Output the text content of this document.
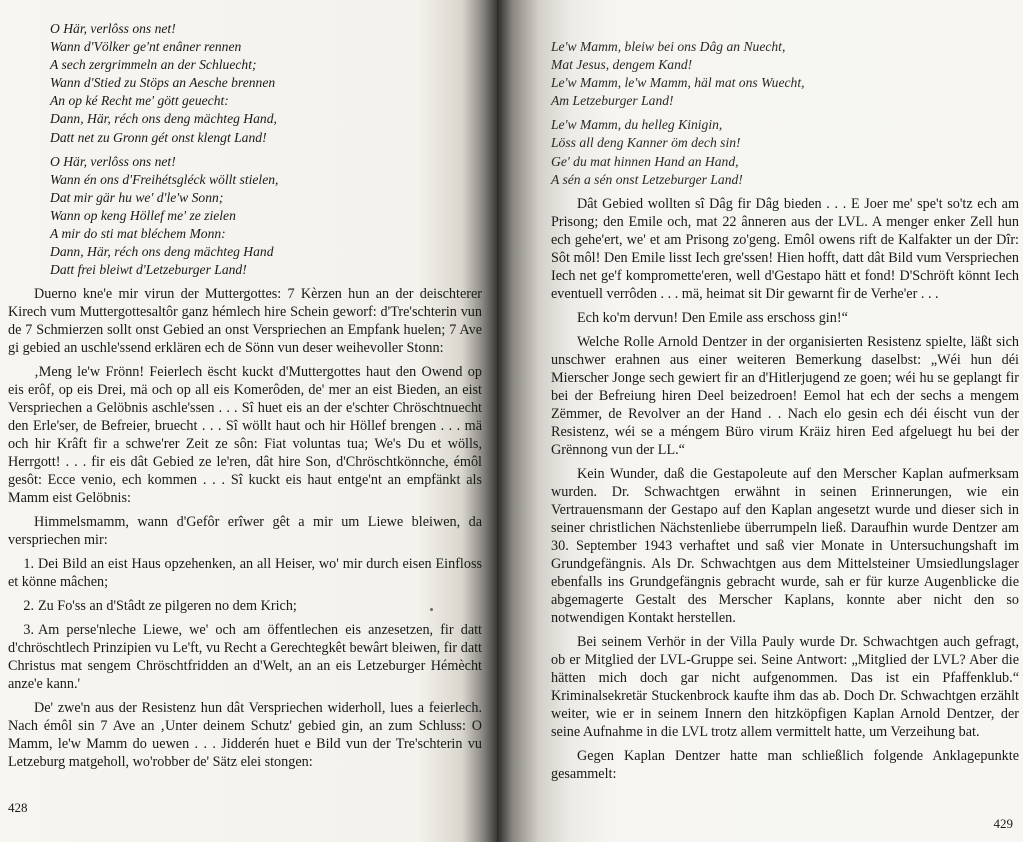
O Här, verlôss ons net!
Wann d'Völker ge'nt enâner rennen
A sech zergrimmeln an der Schluecht;
Wann d'Stied zu Stöps an Aesche brennen
An op ké Recht me' gött geuecht:
Dann, Här, réch ons deng mächteg Hand,
Datt net zu Gronn gét onst klengt Land!

O Här, verlôss ons net!
Wann én ons d'Freihétsgléck wöllt stielen,
Dat mir gär hu we' d'le'w Sonn;
Wann op keng Höllef me' ze zielen
A mir do sti mat bléchem Monn:
Dann, Här, réch ons deng mächteg Hand
Datt frei bleiwt d'Letzeburger Land!

Duerno kne'e mir virun der Muttergottes: 7 Kèrzen hun an der deischterer Kirech vum Muttergottesaltôr ganz hémlech hire Schein geworf: d'Tre'schterin vun de 7 Schmierzen sollt onst Gebied an onst Verspriechen an Empfank huelen; 7 Ave gi gebied an uschle'ssend erklären ech de Sönn vun deser weihevoller Stonn:

‚Meng le'w Frönn! Feierlech ëscht kuckt d'Muttergottes haut den Owend op eis erôf, op eis Drei, mä och op all eis Komerôden, de' mer an eist Bieden, an eist Verspriechen a Gelöbnis aschle'ssen . . . Sî huet eis an der e'schter Chröschtnuecht den Erle'ser, de Befreier, bruecht . . . Sî wöllt haut och hir Höllef brengen . . . mä och hir Krâft fir a schwe'rer Zeit ze sôn: Fiat voluntas tua; We's Du et wölls, Herrgott! . . . fir eis dât Gebied ze le'ren, dât hire Son, d'Chröschtkönnche, émôl gesôt: Ecce venio, ech kommen . . . Sî kuckt eis haut entge'nt an empfänkt als Mamm eist Gelöbnis:

Himmelsmamm, wann d'Gefôr erîwer gêt a mir um Liewe bleiwen, da verspriechen mir:

1. Dei Bild an eist Haus opzehenken, an all Heiser, wo' mir durch eisen Einfloss et könne mâchen;

2. Zu Fo'ss an d'Stâdt ze pilgeren no dem Krich;

3. Am perse'nleche Liewe, we' och am öffentlechen eis anzesetzen, fir datt d'chröschtlech Prinzipien vu Le'ft, vu Recht a Gerechtegkêt bewârt bleiwen, fir datt Christus mat sengem Chröschtfridden an d'Welt, an an eis Letzeburger Hémècht anze'e kann.'

De' zwe'n aus der Resistenz hun dât Verspriechen widerholl, lues a feierlech. Nach émôl sin 7 Ave an ‚Unter deinem Schutz' gebied gin, an zum Schluss: O Mamm, le'w Mamm do uewen . . . Jidderén huet e Bild vun der Tre'schterin vu Letzeburg matgeholl, wo'robber de' Sätz elei stongen:

428

Le'w Mamm, bleiw bei ons Dâg an Nuecht,
Mat Jesus, dengem Kand!
Le'w Mamm, le'w Mamm, häl mat ons Wuecht,
Am Letzeburger Land!

Le'w Mamm, du helleg Kinigin,
Löss all deng Kanner öm dech sin!
Ge' du mat hinnen Hand an Hand,
A sén a sén onst Letzeburger Land!

Dât Gebied wollten sî Dâg fir Dâg bieden . . . E Joer me' spe't so'tz ech am Prisong; den Emile och, mat 22 ânneren aus der LVL. A menger enker Zell hun ech gehe'ert, we' et am Prisong zo'geng. Emôl owens rift de Kalfakter un der Dîr: Sôt môl! Den Emile lisst Iech gre'ssen! Hien hofft, datt dât Bild vum Verspriechen Iech net ge'f kompromette'eren, well d'Gestapo hätt et fond! D'Schröft könnt Iech eventuell verrôden . . . mä, heimat sit Dir gewarnt fir de Verhe'er . . .

Ech ko'm dervun! Den Emile ass erschoss gin!“

Welche Rolle Arnold Dentzer in der organisierten Resistenz spielte, läßt sich unschwer erahnen aus einer weiteren Bemerkung daselbst: „Wéi hun déi Mierscher Jonge sech gewiert fir an d'Hitlerjugend ze goen; wéi hu se geplangt fir bei der Befreiung hiren Deel beizedroen! Eemol hat ech der sechs a mengem Zëmmer, de Revolver an der Hand . . Nach elo gesin ech déi éischt vun der Resistenz, wéi se a méngem Büro virum Kräiz hiren Eed afgeluegt hu bei der Grënnong vun der LL.“

Kein Wunder, daß die Gestapoleute auf den Merscher Kaplan aufmerksam wurden. Dr. Schwachtgen erwähnt in seinen Erinnerungen, wie ein Vertrauensmann der Gestapo auf den Kaplan angesetzt wurde und dieser sich in seiner christlichen Nächstenliebe überrumpeln ließ. Daraufhin wurde Dentzer am 30. September 1943 verhaftet und saß vier Monate in Untersuchungshaft im Grundgefängnis. Als Dr. Schwachtgen aus dem Mittelsteiner Umsiedlungslager ebenfalls ins Grundgefängnis gebracht wurde, sah er für kurze Augenblicke die abgemagerte Gestalt des Merscher Kaplans, konnte aber nicht den so notwendigen Kontakt herstellen.

Bei seinem Verhör in der Villa Pauly wurde Dr. Schwachtgen auch gefragt, ob er Mitglied der LVL-Gruppe sei. Seine Antwort: „Mitglied der LVL? Aber die hätten mich doch gar nicht aufgenommen. Das ist ein Pfaffenklub.“ Kriminalsekretär Stuckenbrock kaufte ihm das ab. Doch Dr. Schwachtgen erzählt weiter, wie er in seinem Innern den hitzköpfigen Kaplan Arnold Dentzer, der seine Aufnahme in die LVL trotz allem vermittelt hatte, um Verzeihung bat.

Gegen Kaplan Dentzer hatte man schließlich folgende Anklagepunkte gesammelt:

429
